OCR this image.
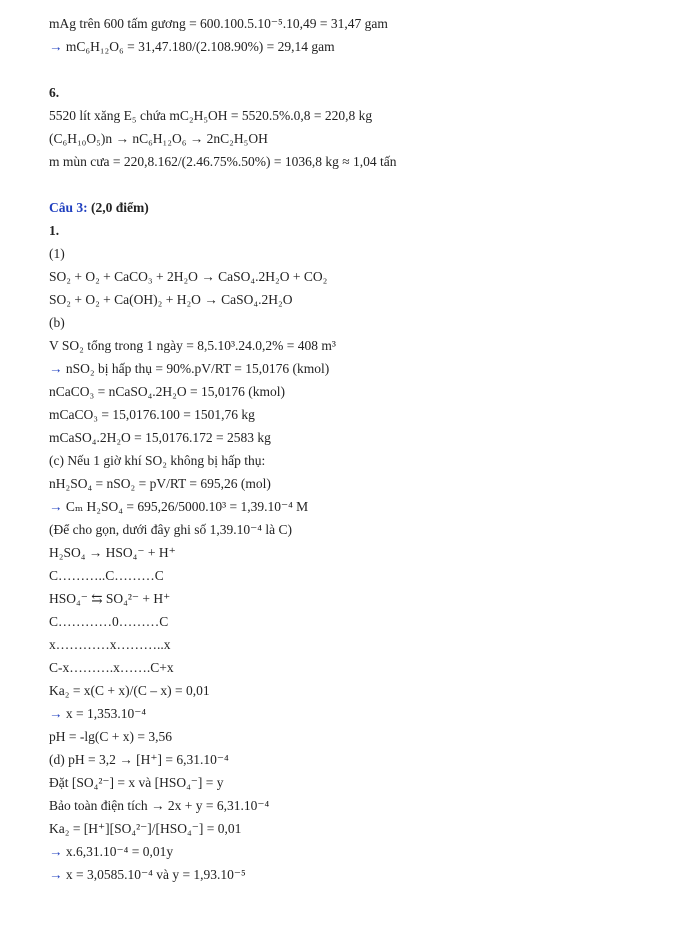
mAg trên 600 tấm gương = 600.100.5.10⁻⁵.10,49 = 31,47 gam
→ mC₆H₁₂O₆ = 31,47.180/(2.108.90%) = 29,14 gam
6.
5520 lít xăng E₅ chứa mC₂H₅OH = 5520.5%.0,8 = 220,8 kg
(C₆H₁₀O₅)n → nC₆H₁₂O₆ → 2nC₂H₅OH
m mùn cưa = 220,8.162/(2.46.75%.50%) = 1036,8 kg ≈ 1,04 tấn
Câu 3: (2,0 điểm)
1.
(1)
SO₂ + O₂ + CaCO₃ + 2H₂O → CaSO₄.2H₂O + CO₂
SO₂ + O₂ + Ca(OH)₂ + H₂O → CaSO₄.2H₂O
(b)
V SO₂ tổng trong 1 ngày = 8,5.10³.24.0,2% = 408 m³
→ nSO₂ bị hấp thụ = 90%.pV/RT = 15,0176 (kmol)
nCaCO₃ = nCaSO₄.2H₂O = 15,0176 (kmol)
mCaCO₃ = 15,0176.100 = 1501,76 kg
mCaSO₄.2H₂O = 15,0176.172 = 2583 kg
(c) Nếu 1 giờ khí SO₂ không bị hấp thụ:
nH₂SO₄ = nSO₂ = pV/RT = 695,26 (mol)
→ Cₘ H₂SO₄ = 695,26/5000.10³ = 1,39.10⁻⁴ M
(Để cho gọn, dưới đây ghi số 1,39.10⁻⁴ là C)
H₂SO₄ → HSO₄⁻ + H⁺
C………..C………C
HSO₄⁻ ⇆ SO₄²⁻ + H⁺
C…………0………C
x…………x………..x
C-x……….x…….C+x
Ka₂ = x(C + x)/(C – x) = 0,01
→ x = 1,353.10⁻⁴
pH = -lg(C + x) = 3,56
(d) pH = 3,2 → [H⁺] = 6,31.10⁻⁴
Đặt [SO₄²⁻] = x và [HSO₄⁻] = y
Bảo toàn điện tích → 2x + y = 6,31.10⁻⁴
Ka₂ = [H⁺][SO₄²⁻]/[HSO₄⁻] = 0,01
→ x.6,31.10⁻⁴ = 0,01y
→ x = 3,0585.10⁻⁴ và y = 1,93.10⁻⁵
